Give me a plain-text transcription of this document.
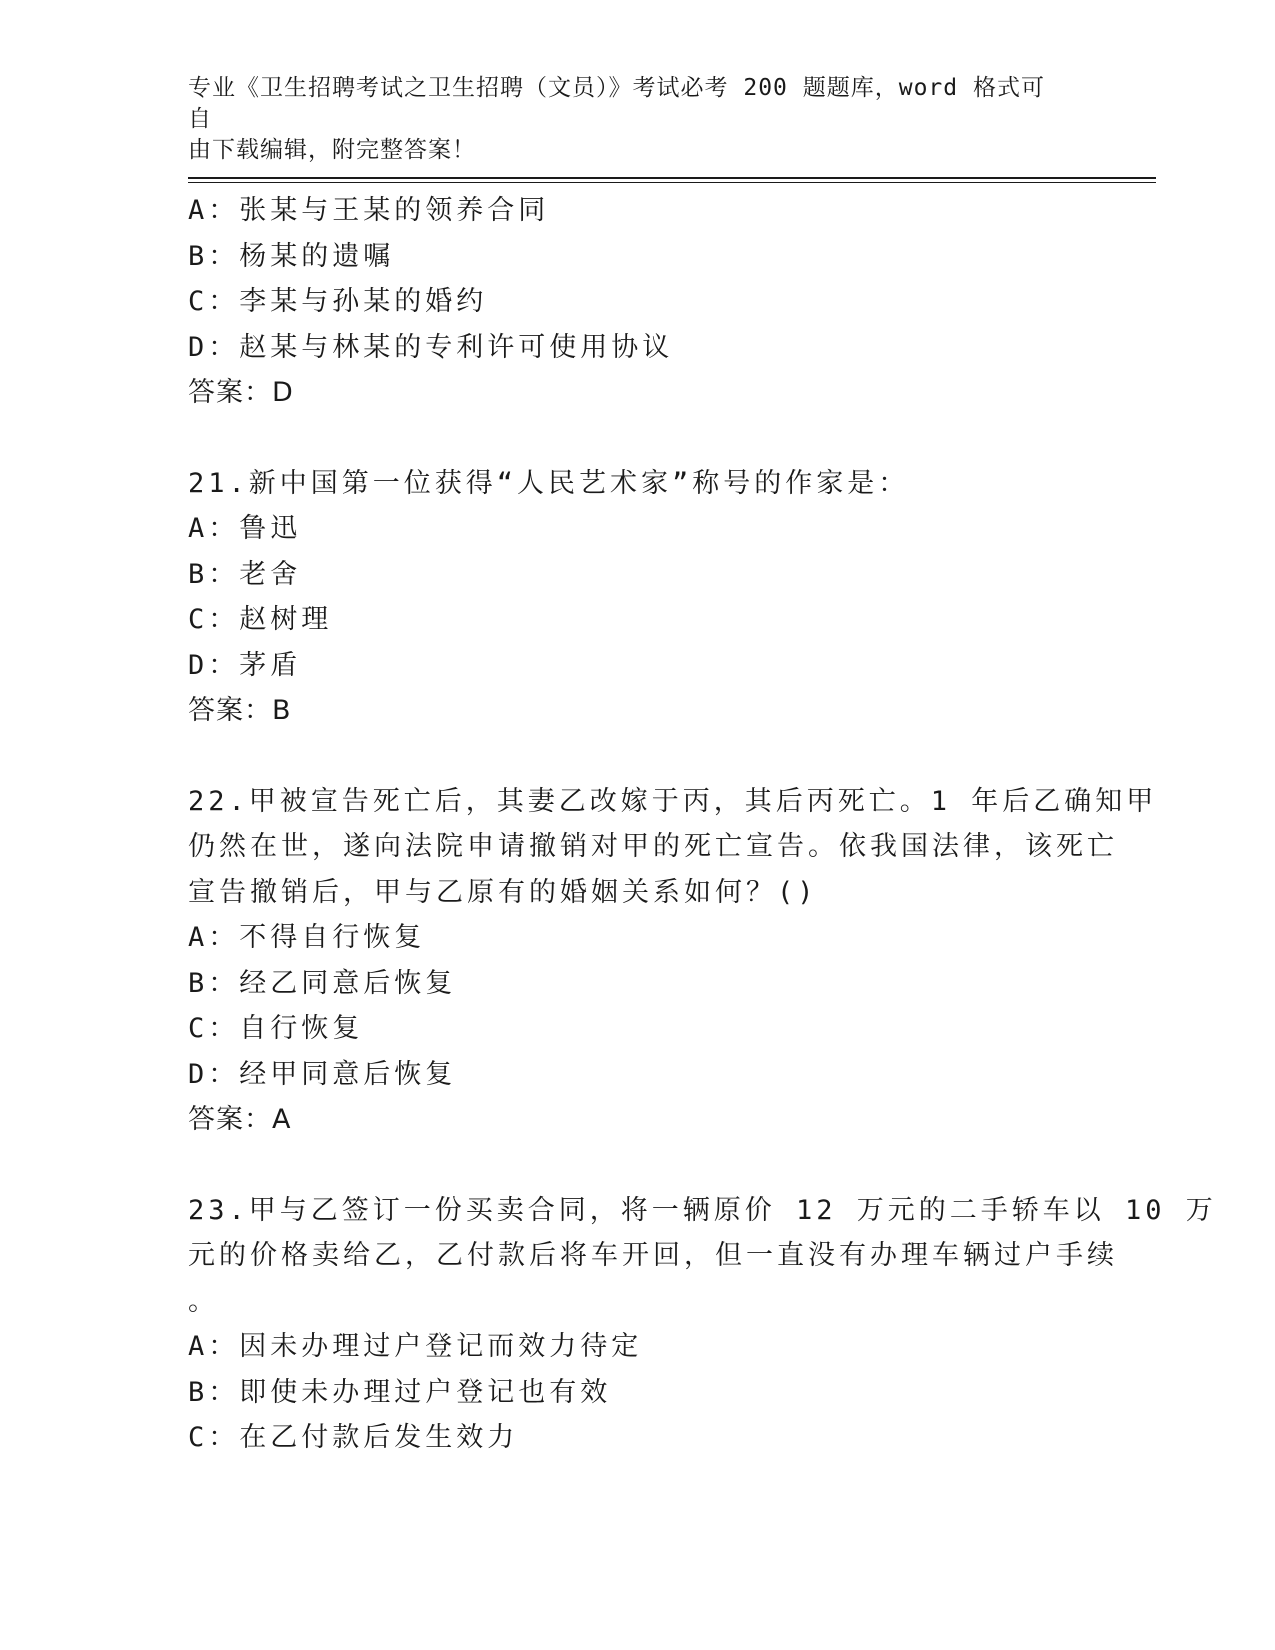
专业《卫生招聘考试之卫生招聘（文员）》考试必考 200 题题库，word 格式可自
由下载编辑，附完整答案！
A：张某与王某的领养合同
B：杨某的遗嘱
C：李某与孙某的婚约
D：赵某与林某的专利许可使用协议
答案：D
21.新中国第一位获得“人民艺术家”称号的作家是：
A：鲁迅
B：老舍
C：赵树理
D：茅盾
答案：B
22.甲被宣告死亡后，其妻乙改嫁于丙，其后丙死亡。1 年后乙确知甲
仍然在世，遂向法院申请撤销对甲的死亡宣告。依我国法律，该死亡
宣告撤销后，甲与乙原有的婚姻关系如何？()
A：不得自行恢复
B：经乙同意后恢复
C：自行恢复
D：经甲同意后恢复
答案：A
23.甲与乙签订一份买卖合同，将一辆原价 12 万元的二手轿车以 10 万
元的价格卖给乙，乙付款后将车开回，但一直没有办理车辆过户手续
。
A：因未办理过户登记而效力待定
B：即使未办理过户登记也有效
C：在乙付款后发生效力
